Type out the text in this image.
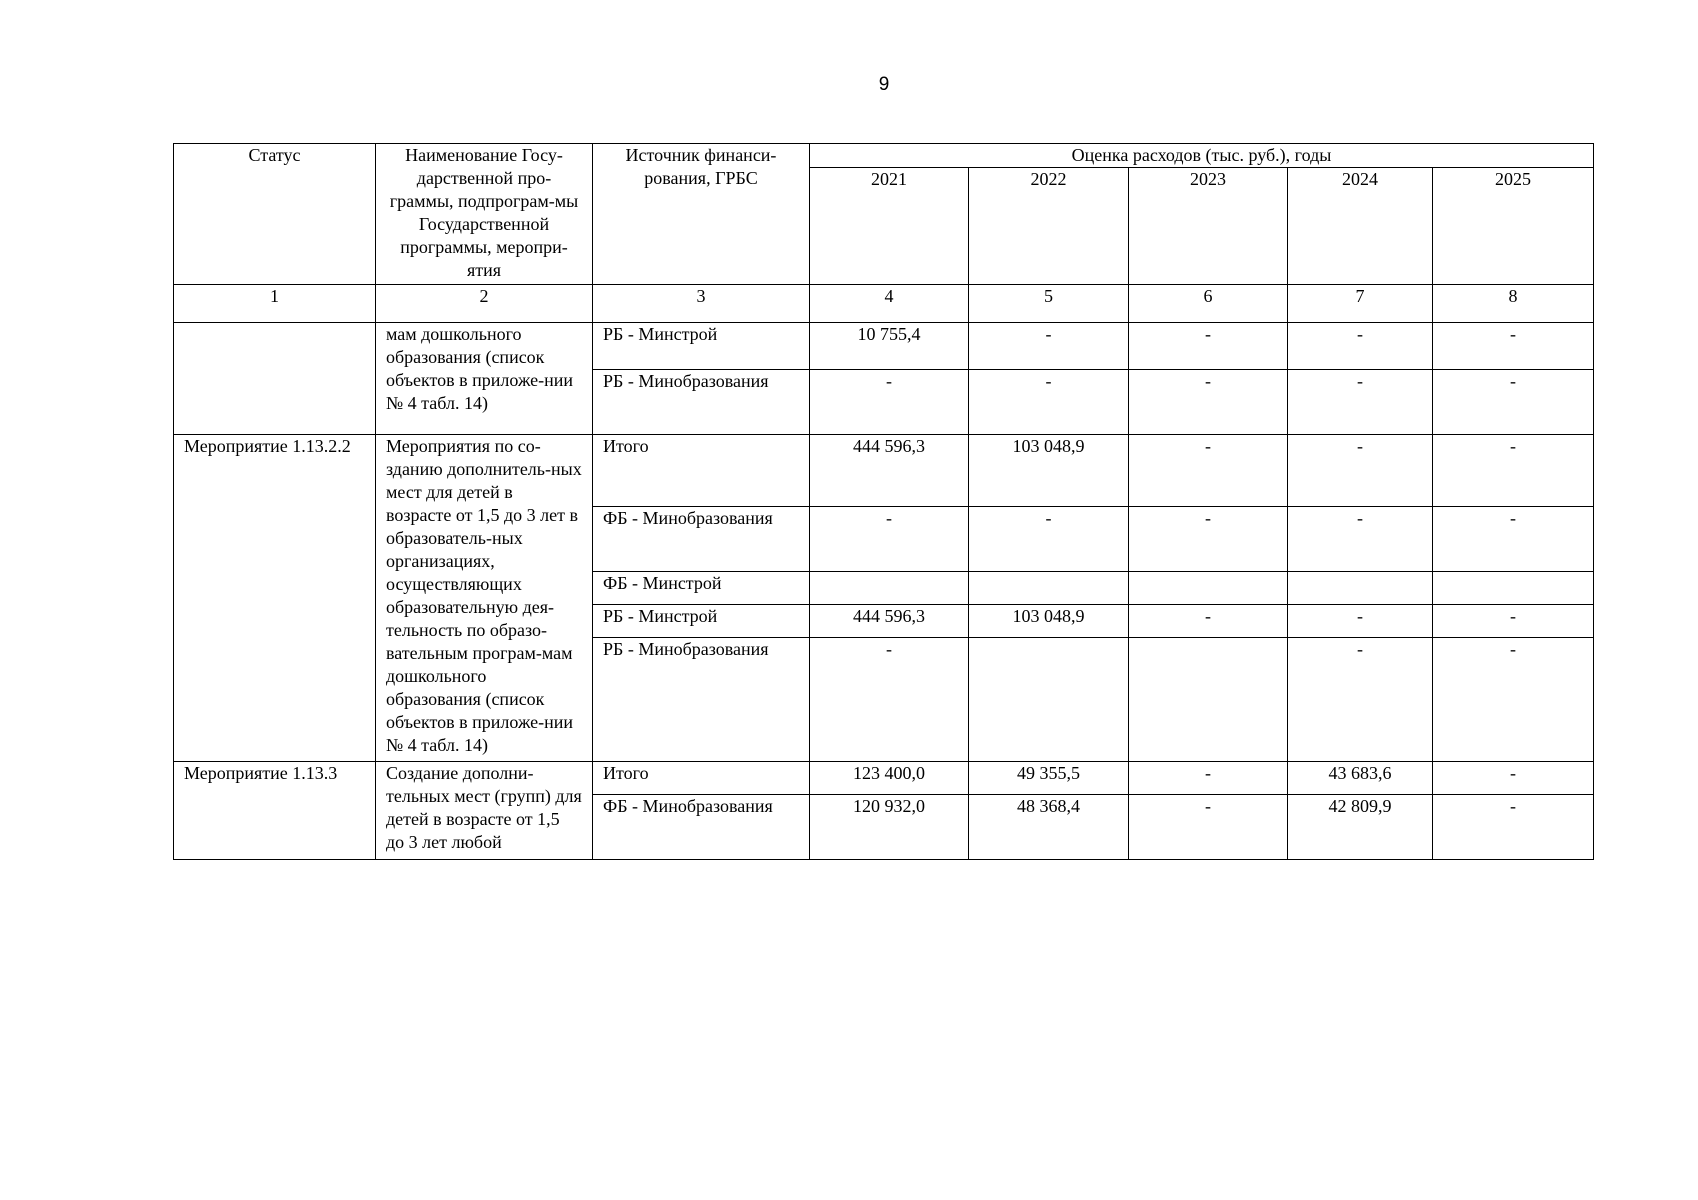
9
Статус	Наименование Госу-дарственной про-граммы, подпрограм-мы Государственной программы, меропри-ятия	Источник финанси-рования, ГРБС	Оценка расходов (тыс. руб.), годы				
			2021	2022	2023	2024	2025
1	2	3	4	5	6	7	8
	мам дошкольного образования (список объектов в приложе-нии № 4 табл. 14)	РБ - Минстрой	10 755,4	-	-	-	-
		РБ - Минобразования	-	-	-	-	-
Мероприятие 1.13.2.2	Мероприятия по со-зданию дополнитель-ных мест для детей в возрасте от 1,5 до 3 лет в образователь-ных организациях, осуществляющих образовательную дея-тельность по образо-вательным програм-мам дошкольного образования (список объектов в приложе-нии № 4 табл. 14)	Итого	444 596,3	103 048,9	-	-	-
		ФБ - Минобразования	-	-	-	-	-
		ФБ - Минстрой					
		РБ - Минстрой	444 596,3	103 048,9	-	-	-
		РБ - Минобразования	-			-	-
Мероприятие 1.13.3	Создание дополни-тельных мест (групп) для детей в возрасте от 1,5 до 3 лет любой	Итого	123 400,0	49 355,5	-	43 683,6	-
		ФБ - Минобразования	120 932,0	48 368,4	-	42 809,9	-
